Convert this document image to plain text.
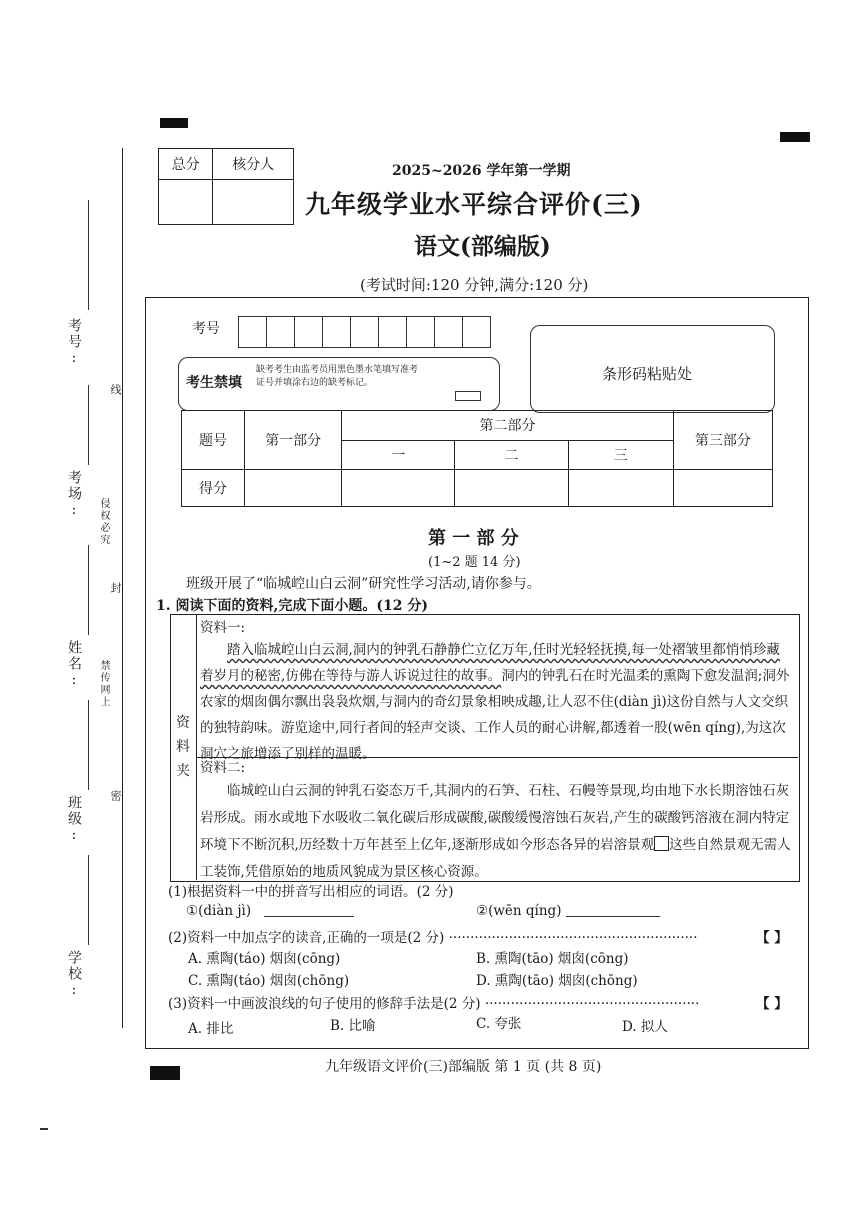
考号:
考场:
姓名:
班级:
学校:
线
侵权必究
封
禁传网上
密
总分	核分人
		2025~2026 学年第一学期
九年级学业水平综合评价(三)
语文(部编版)
(考试时间:120 分钟,满分:120 分)
考号
考生禁填
缺考考生由监考员用黑色墨水笔填写准考证号并填涂右边的缺考标记。	条形码粘贴处
题号	第一部分	第二部分			第三部分
		一	二	三	
得分					
第 一 部 分
(1~2 题 14 分)
班级开展了“临城崆山白云洞”研究性学习活动,请你参与。
1. 阅读下面的资料,完成下面小题。(12 分)
资
料
夹
资料一:

踏入临城崆山白云洞,洞内的钟乳石静静伫立亿万年,任时光轻轻抚摸,每一处褶皱里都悄悄珍藏着岁月的秘密,仿佛在等待与游人诉说过往的故事。洞内的钟乳石在时光温柔的熏陶下愈发温润;洞外农家的烟囱偶尔飘出袅袅炊烟,与洞内的奇幻景象相映成趣,让人忍不住(diàn jì)这份自然与人文交织的独特韵味。游览途中,同行者间的轻声交谈、工作人员的耐心讲解,都透着一股(wēn qíng),为这次洞穴之旅增添了别样的温暖。

资料二:

临城崆山白云洞的钟乳石姿态万千,其洞内的石笋、石柱、石幔等景现,均由地下水长期溶蚀石灰岩形成。雨水或地下水吸收二氧化碳后形成碳酸,碳酸缓慢溶蚀石灰岩,产生的碳酸钙溶液在洞内特定环境下不断沉积,历经数十万年甚至上亿年,逐渐形成如今形态各异的岩溶景观 这些自然景观无需人工装饰,凭借原始的地质风貌成为景区核心资源。

(1)根据资料一中的拼音写出相应的词语。(2 分)
①(diàn jì)	②(wēn qíng)
(2)资料一中加点字的读音,正确的一项是(2 分) ··························································	【 】
A. 熏陶(táo) 烟囱(cōng)	B. 熏陶(tāo) 烟囱(cōng)
C. 熏陶(táo) 烟囱(chōng)	D. 熏陶(tāo) 烟囱(chōng)
(3)资料一中画波浪线的句子使用的修辞手法是(2 分) ··················································	【 】
A. 排比	B. 比喻	C. 夸张	D. 拟人
九年级语文评价(三)部编版 第 1 页 (共 8 页)
